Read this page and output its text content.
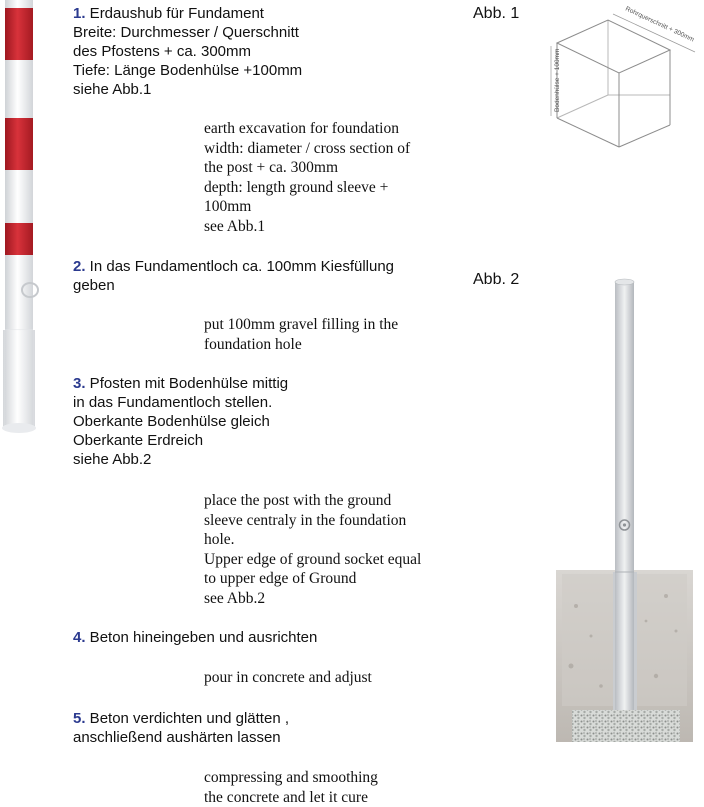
1. Erdaushub für Fundament
Breite: Durchmesser / Querschnitt
des Pfostens + ca. 300mm
Tiefe: Länge Bodenhülse +100mm
siehe Abb.1
earth excavation for foundation
width: diameter / cross section of
the post + ca. 300mm
depth: length ground sleeve +
100mm
see Abb.1
2. In das Fundamentloch ca. 100mm Kiesfüllung
geben
put 100mm gravel filling in the
foundation hole
3. Pfosten mit Bodenhülse mittig
in das Fundamentloch stellen.
Oberkante Bodenhülse gleich
Oberkante Erdreich
siehe Abb.2
place the post with the ground
sleeve centraly in the foundation
hole.
Upper edge of ground socket equal
to upper edge of Ground
see Abb.2
4. Beton hineingeben und ausrichten
pour in concrete and adjust
5. Beton verdichten und glätten ,
anschließend aushärten lassen
compressing and smoothing
the concrete and let it cure
Abb. 1
Abb. 2
Rohrquerschnitt + 300mm
Bodenhülse + 100mm
